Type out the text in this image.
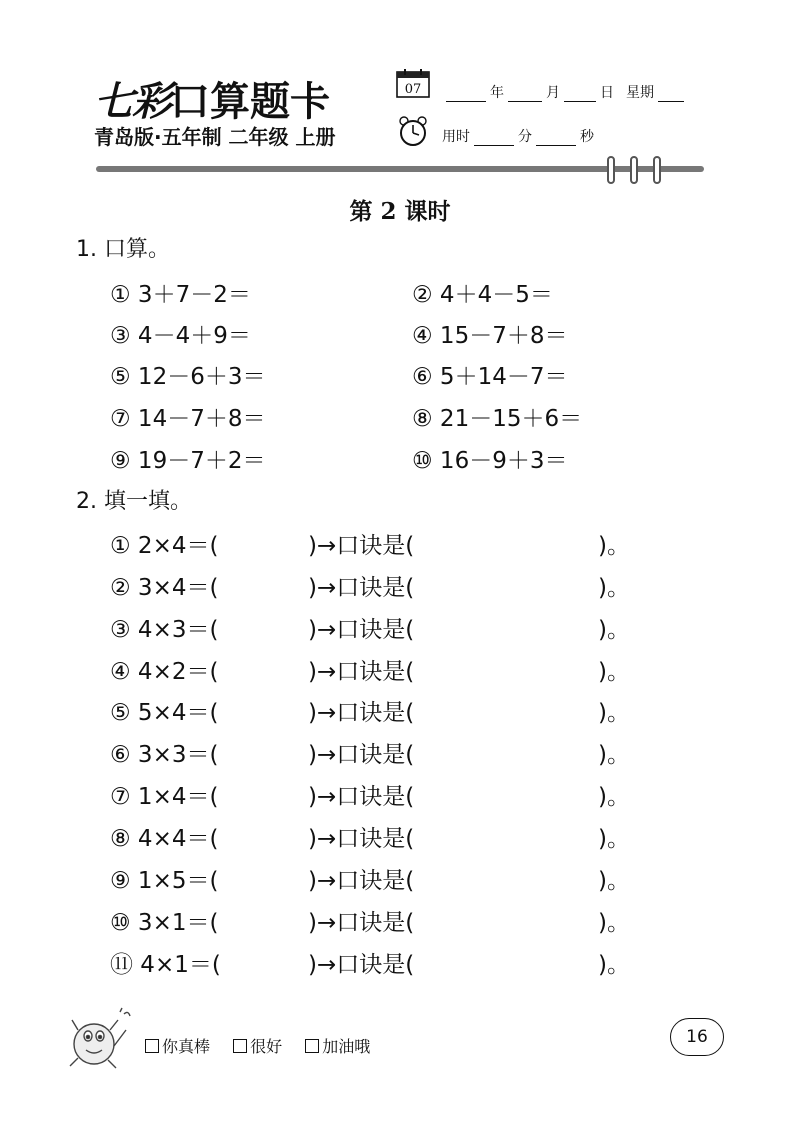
七彩口算题卡
青岛版·五年制 二年级 上册
07	年	月	日 星期
用时	分	秒
第 2 课时
1. 口算。
① 3＋7－2＝	② 4＋4－5＝
③ 4－4＋9＝	④ 15－7＋8＝
⑤ 12－6＋3＝	⑥ 5＋14－7＝
⑦ 14－7＋8＝	⑧ 21－15＋6＝
⑨ 19－7＋2＝	⑩ 16－9＋3＝
2. 填一填。
① 2×4＝(	)→口诀是(	)。
② 3×4＝(	)→口诀是(	)。
③ 4×3＝(	)→口诀是(	)。
④ 4×2＝(	)→口诀是(	)。
⑤ 5×4＝(	)→口诀是(	)。
⑥ 3×3＝(	)→口诀是(	)。
⑦ 1×4＝(	)→口诀是(	)。
⑧ 4×4＝(	)→口诀是(	)。
⑨ 1×5＝(	)→口诀是(	)。
⑩ 3×1＝(	)→口诀是(	)。
⑪ 4×1＝(	)→口诀是(	)。
你真棒	很好	加油哦	16
